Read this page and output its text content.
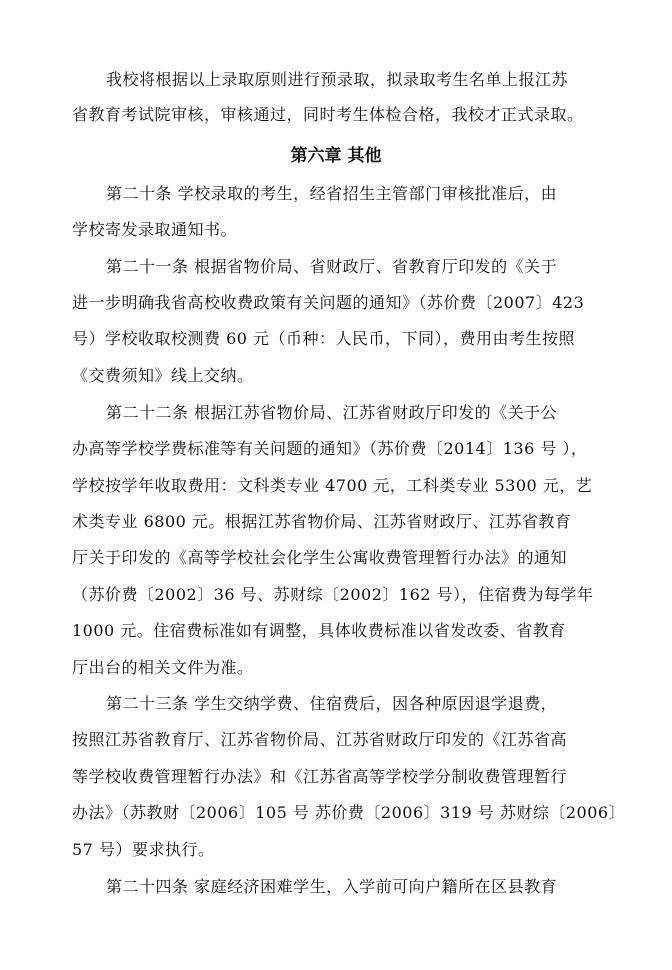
我校将根据以上录取原则进行预录取，拟录取考生名单上报江苏
省教育考试院审核，审核通过，同时考生体检合格，我校才正式录取。
第六章 其他
第二十条 学校录取的考生，经省招生主管部门审核批准后，由
学校寄发录取通知书。
第二十一条 根据省物价局、省财政厅、省教育厅印发的《关于
进一步明确我省高校收费政策有关问题的通知》（苏价费〔2007〕423
号）学校收取校测费 60 元（币种：人民币，下同），费用由考生按照
《交费须知》线上交纳。
第二十二条 根据江苏省物价局、江苏省财政厅印发的《关于公
办高等学校学费标准等有关问题的通知》（苏价费〔2014〕136 号 ），
学校按学年收取费用：文科类专业 4700 元，工科类专业 5300 元，艺
术类专业 6800 元。根据江苏省物价局、江苏省财政厅、江苏省教育
厅关于印发的《高等学校社会化学生公寓收费管理暂行办法》的通知
（苏价费〔2002〕36 号、苏财综〔2002〕162 号），住宿费为每学年
1000 元。住宿费标准如有调整，具体收费标准以省发改委、省教育
厅出台的相关文件为准。
第二十三条 学生交纳学费、住宿费后，因各种原因退学退费，
按照江苏省教育厅、江苏省物价局、江苏省财政厅印发的《江苏省高
等学校收费管理暂行办法》和《江苏省高等学校学分制收费管理暂行
办法》（苏教财〔2006〕105 号 苏价费〔2006〕319 号 苏财综〔2006〕
57 号）要求执行。
第二十四条 家庭经济困难学生，入学前可向户籍所在区县教育
